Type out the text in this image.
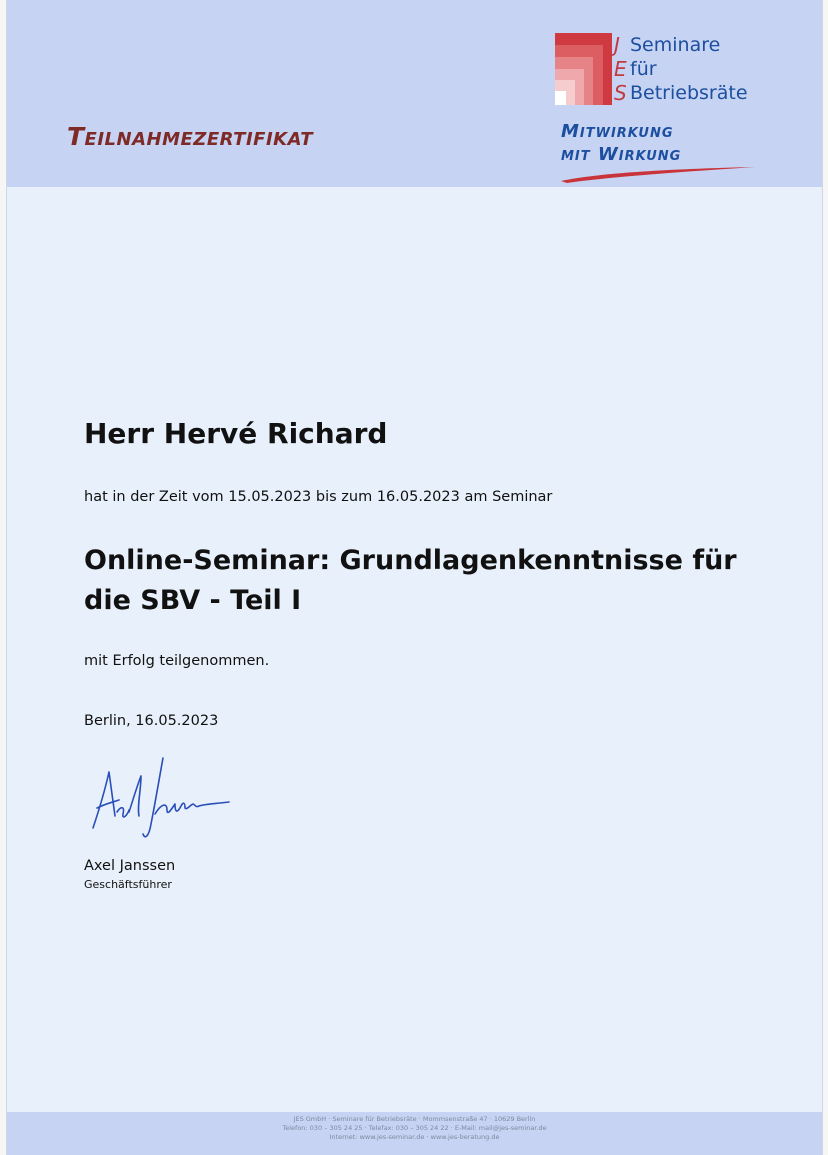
Teilnahmezertifikat
J
E
S
Seminare
für
Betriebsräte
Mitwirkung
mit Wirkung
Herr Hervé Richard
hat in der Zeit vom 15.05.2023 bis zum 16.05.2023 am Seminar
Online-Seminar: Grundlagenkenntnisse für die SBV - Teil I
mit Erfolg teilgenommen.
Berlin, 16.05.2023
Axel Janssen
Geschäftsführer
JES GmbH · Seminare für Betriebsräte · Mommsenstraße 47 · 10629 Berlin
Telefon: 030 – 305 24 25 · Telefax: 030 – 305 24 22 · E-Mail: mail@jes-seminar.de
Internet: www.jes-seminar.de · www.jes-beratung.de
